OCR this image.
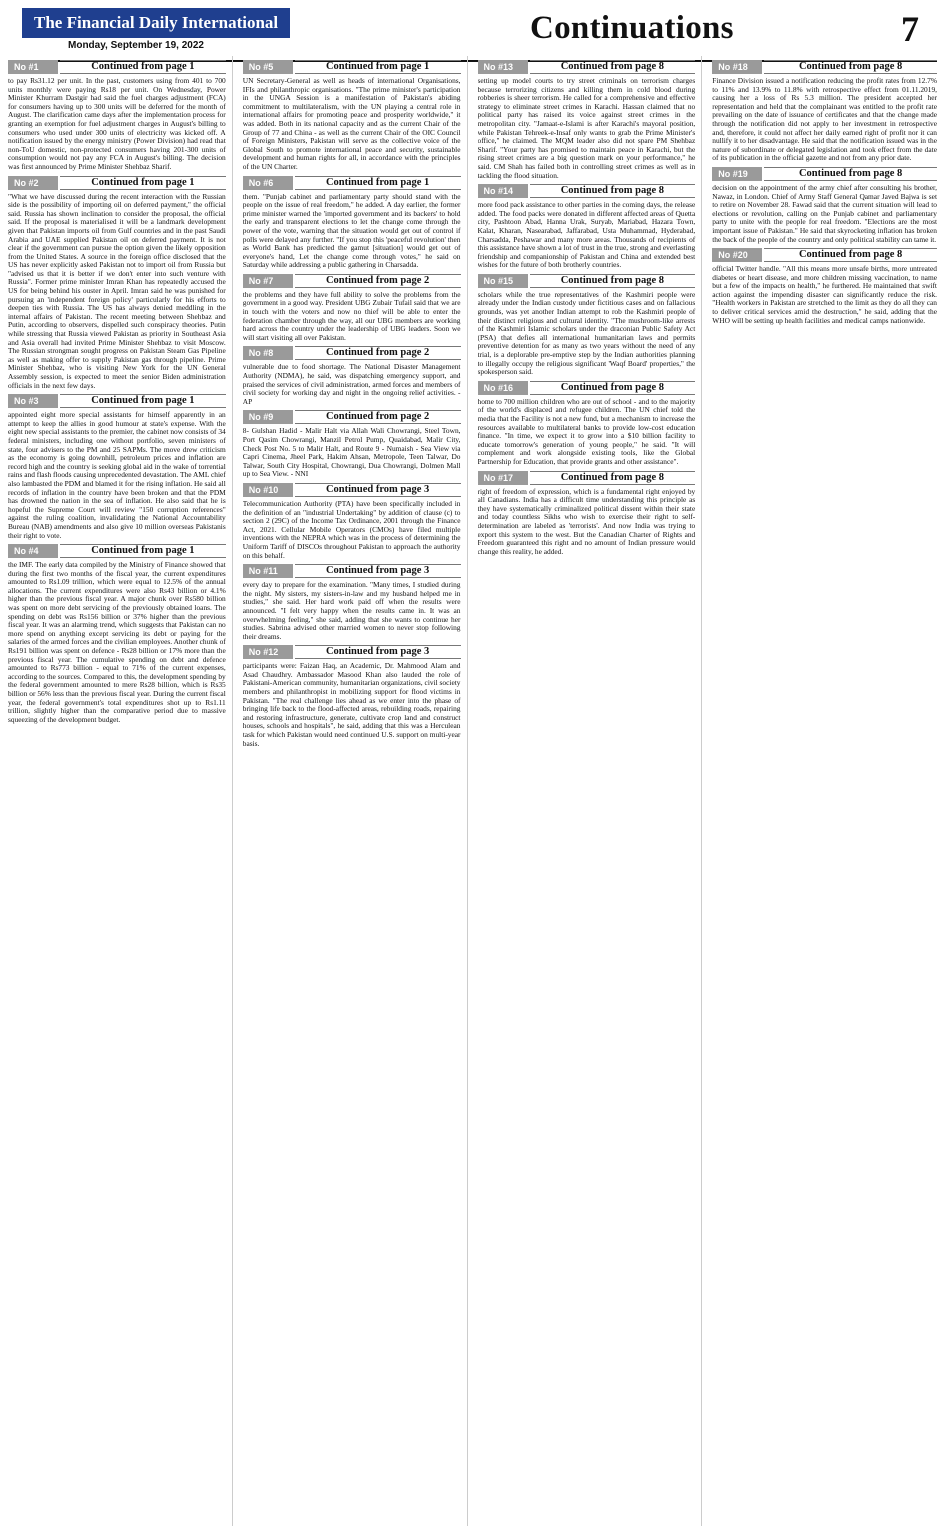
The Financial Daily International
Monday, September 19, 2022	Continuations	7
No #1	Continued from page 1
to pay Rs31.12 per unit. In the past, customers using from 401 to 700 units monthly were paying Rs18 per unit. On Wednesday, Power Minister Khurram Dastgir had said the fuel charges adjustment (FCA) for consumers having up to 300 units will be deferred for the month of August. The clarification came days after the implementation process for granting an exemption for fuel adjustment charges in August's billing to consumers who used under 300 units of electricity was kicked off. A notification issued by the energy ministry (Power Division) had read that non-ToU domestic, non-protected consumers having 201-300 units of consumption would not pay any FCA in August's billing. The decision was first announced by Prime Minister Shehbaz Sharif.
No #2	Continued from page 1
"What we have discussed during the recent interaction with the Russian side is the possibility of importing oil on deferred payment," the official said. Russia has shown inclination to consider the proposal, the official said. If the proposal is materialised it will be a landmark development given that Pakistan imports oil from Gulf countries and in the past Saudi Arabia and UAE supplied Pakistan oil on deferred payment. It is not clear if the government can pursue the option given the likely opposition from the United States. A source in the foreign office disclosed that the US has never explicitly asked Pakistan not to import oil from Russia but "advised us that it is better if we don't enter into such venture with Russia". Former prime minister Imran Khan has repeatedly accused the US for being behind his ouster in April. Imran said he was punished for pursuing an 'independent foreign policy' particularly for his efforts to deepen ties with Russia. The US has always denied meddling in the internal affairs of Pakistan. The recent meeting between Shehbaz and Putin, according to observers, dispelled such conspiracy theories. Putin while stressing that Russia viewed Pakistan as priority in Southeast Asia and Asia overall had invited Prime Minister Shehbaz to visit Moscow. The Russian strongman sought progress on Pakistan Steam Gas Pipeline as well as making offer to supply Pakistan gas through pipeline. Prime Minister Shehbaz, who is visiting New York for the UN General Assembly session, is expected to meet the senior Biden administration officials in the next few days.
No #3	Continued from page 1
appointed eight more special assistants for himself apparently in an attempt to keep the allies in good humour at state's expense. With the eight new special assistants to the premier, the cabinet now consists of 34 federal ministers, including one without portfolio, seven ministers of state, four advisers to the PM and 25 SAPMs. The move drew criticism as the economy is going downhill, petroleum prices and inflation are record high and the country is seeking global aid in the wake of torrential rains and flash floods causing unprecedented devastation. The AML chief also lambasted the PDM and blamed it for the rising inflation. He said all records of inflation in the country have been broken and that the PDM has drowned the nation in the sea of inflation. He also said that he is hopeful the Supreme Court will review "150 corruption references" against the ruling coalition, invalidating the National Accountability Bureau (NAB) amendments and also give 10 million overseas Pakistanis their right to vote.
No #4	Continued from page 1
the IMF. The early data compiled by the Ministry of Finance showed that during the first two months of the fiscal year, the current expenditures amounted to Rs1.09 trillion, which were equal to 12.5% of the annual allocations. The current expenditures were also Rs43 billion or 4.1% higher than the previous fiscal year. A major chunk over Rs580 billion was spent on more debt servicing of the previously obtained loans. The spending on debt was Rs156 billion or 37% higher than the previous fiscal year. It was an alarming trend, which suggests that Pakistan can no more spend on anything except servicing its debt or paying for the salaries of the armed forces and the civilian employees. Another chunk of Rs191 billion was spent on defence - Rs28 billion or 17% more than the previous fiscal year. The cumulative spending on debt and defence amounted to Rs773 billion - equal to 71% of the current expenses, according to the sources. Compared to this, the development spending by the federal government amounted to mere Rs28 billion, which is Rs35 billion or 56% less than the previous fiscal year. During the current fiscal year, the federal government's total expenditures shot up to Rs1.11 trillion, slightly higher than the comparative period due to massive squeezing of the development budget.
No #5	Continued from page 1
UN Secretary-General as well as heads of international Organisations, IFIs and philanthropic organisations. "The prime minister's participation in the UNGA Session is a manifestation of Pakistan's abiding commitment to multilateralism, with the UN playing a central role in international affairs for promoting peace and prosperity worldwide," it was added. Both in its national capacity and as the current Chair of the Group of 77 and China - as well as the current Chair of the OIC Council of Foreign Ministers, Pakistan will serve as the collective voice of the Global South to promote international peace and security, sustainable development and human rights for all, in accordance with the principles of the UN Charter.
No #6	Continued from page 1
them. "Punjab cabinet and parliamentary party should stand with the people on the issue of real freedom," he added. A day earlier, the former prime minister warned the 'imported government and its backers' to hold the early and transparent elections to let the change come through the power of the vote, warning that the situation would get out of control if polls were delayed any further. "If you stop this 'peaceful revolution' then as World Bank has predicted the gamut [situation] would get out of everyone's hand, Let the change come through votes," he said on Saturday while addressing a public gathering in Charsadda.
No #7	Continued from page 2
the problems and they have full ability to solve the problems from the government in a good way. President UBG Zubair Tufail said that we are in touch with the voters and now no thief will be able to enter the federation chamber through the way, all our UBG members are working hard across the country under the leadership of UBG leaders. Soon we will start visiting all over Pakistan.
No #8	Continued from page 2
vulnerable due to food shortage. The National Disaster Management Authority (NDMA), he said, was dispatching emergency support, and praised the services of civil administration, armed forces and members of civil society for working day and night in the ongoing relief activities. - AP
No #9	Continued from page 2
8- Gulshan Hadid - Malir Halt via Allah Wali Chowrangi, Steel Town, Port Qasim Chowrangi, Manzil Petrol Pump, Quaidabad, Malir City, Check Post No. 5 to Malir Halt, and Route 9 - Numaish - Sea View via Capri Cinema, Jheel Park, Hakim Ahsan, Metropole, Teen Talwar, Do Talwar, South City Hospital, Chowrangi, Dua Chowrangi, Dolmen Mall up to Sea View. - NNI
No #10	Continued from page 3
Telecommunication Authority (PTA) have been specifically included in the definition of an "industrial Undertaking" by addition of clause (c) to section 2 (29C) of the Income Tax Ordinance, 2001 through the Finance Act, 2021. Cellular Mobile Operators (CMOs) have filed multiple inventions with the NEPRA which was in the process of determining the Uniform Tariff of DISCOs throughout Pakistan to approach the authority on this behalf.
No #11	Continued from page 3
every day to prepare for the examination. "Many times, I studied during the night. My sisters, my sisters-in-law and my husband helped me in studies," she said. Her hard work paid off when the results were announced. "I felt very happy when the results came in. It was an overwhelming feeling," she said, adding that she wants to continue her studies. Sabrina advised other married women to never stop following their dreams.
No #12	Continued from page 3
participants were: Faizan Haq, an Academic, Dr. Mahmood Alam and Asad Chaudhry. Ambassador Masood Khan also lauded the role of Pakistani-American community, humanitarian organizations, civil society members and philanthropist in mobilizing support for flood victims in Pakistan. "The real challenge lies ahead as we enter into the phase of bringing life back to the flood-affected areas, rebuilding roads, repairing and restoring infrastructure, generate, cultivate crop land and construct houses, schools and hospitals", he said, adding that this was a Herculean task for which Pakistan would need continued U.S. support on multi-year basis.
No #13	Continued from page 8
setting up model courts to try street criminals on terrorism charges because terrorizing citizens and killing them in cold blood during robberies is sheer terrorism. He called for a comprehensive and effective strategy to eliminate street crimes in Karachi. Hassan claimed that no political party has raised its voice against street crimes in the metropolitan city. "Jamaat-e-Islami is after Karachi's mayoral position, while Pakistan Tehreek-e-Insaf only wants to grab the Prime Minister's office," he claimed. The MQM leader also did not spare PM Shehbaz Sharif. "Your party has promised to maintain peace in Karachi, but the rising street crimes are a big question mark on your performance," he said. CM Shah has failed both in controlling street crimes as well as in tackling the flood situation.
No #14	Continued from page 8
more food pack assistance to other parties in the coming days, the release added. The food packs were donated in different affected areas of Quetta city, Pashtoon Abad, Hanna Urak, Suryab, Mariabad, Hazara Town, Kalat, Kharan, Nasearabad, Jaffarabad, Usta Muhammad, Hyderabad, Charsadda, Peshawar and many more areas. Thousands of recipients of this assistance have shown a lot of trust in the true, strong and everlasting friendship and companionship of Pakistan and China and extended best wishes for the future of both brotherly countries.
No #15	Continued from page 8
scholars while the true representatives of the Kashmiri people were already under the Indian custody under fictitious cases and on fallacious grounds, was yet another Indian attempt to rob the Kashmiri people of their distinct religious and cultural identity. "The mushroom-like arrests of the Kashmiri Islamic scholars under the draconian Public Safety Act (PSA) that defies all international humanitarian laws and permits preventive detention for as many as two years without the need of any trial, is a deplorable pre-emptive step by the Indian authorities planning to illegally occupy the religious significant 'Waqf Board' properties," the spokesperson said.
No #16	Continued from page 8
home to 700 million children who are out of school - and to the majority of the world's displaced and refugee children. The UN chief told the media that the Facility is not a new fund, but a mechanism to increase the resources available to multilateral banks to provide low-cost education finance. "In time, we expect it to grow into a $10 billion facility to educate tomorrow's generation of young people," he said. "It will complement and work alongside existing tools, like the Global Partnership for Education, that provide grants and other assistance".
No #17	Continued from page 8
right of freedom of expression, which is a fundamental right enjoyed by all Canadians. India has a difficult time understanding this principle as they have systematically criminalized political dissent within their state and today countless Sikhs who wish to exercise their right to self-determination are labeled as 'terrorists'. And now India was trying to export this system to the west. But the Canadian Charter of Rights and Freedom guaranteed this right and no amount of Indian pressure would change this reality, he added.
No #18	Continued from page 8
Finance Division issued a notification reducing the profit rates from 12.7% to 11% and 13.9% to 11.8% with retrospective effect from 01.11.2019, causing her a loss of Rs 5.3 million. The president accepted her representation and held that the complainant was entitled to the profit rate prevailing on the date of issuance of certificates and that the change made through the notification did not apply to her investment in retrospective and, therefore, it could not affect her daily earned right of profit nor it can nullify it to her disadvantage. He said that the notification issued was in the nature of subordinate or delegated legislation and took effect from the date of its publication in the official gazette and not from any prior date.
No #19	Continued from page 8
decision on the appointment of the army chief after consulting his brother, Nawaz, in London. Chief of Army Staff General Qamar Javed Bajwa is set to retire on November 28. Fawad said that the current situation will lead to elections or revolution, calling on the Punjab cabinet and parliamentary party to unite with the people for real freedom. "Elections are the most important issue of Pakistan." He said that skyrocketing inflation has broken the back of the people of the country and only political stability can tame it.
No #20	Continued from page 8
official Twitter handle. "All this means more unsafe births, more untreated diabetes or heart disease, and more children missing vaccination, to name but a few of the impacts on health," he furthered. He maintained that swift action against the impending disaster can significantly reduce the risk. "Health workers in Pakistan are stretched to the limit as they do all they can to deliver critical services amid the destruction," he said, adding that the WHO will be setting up health facilities and medical camps nationwide.
